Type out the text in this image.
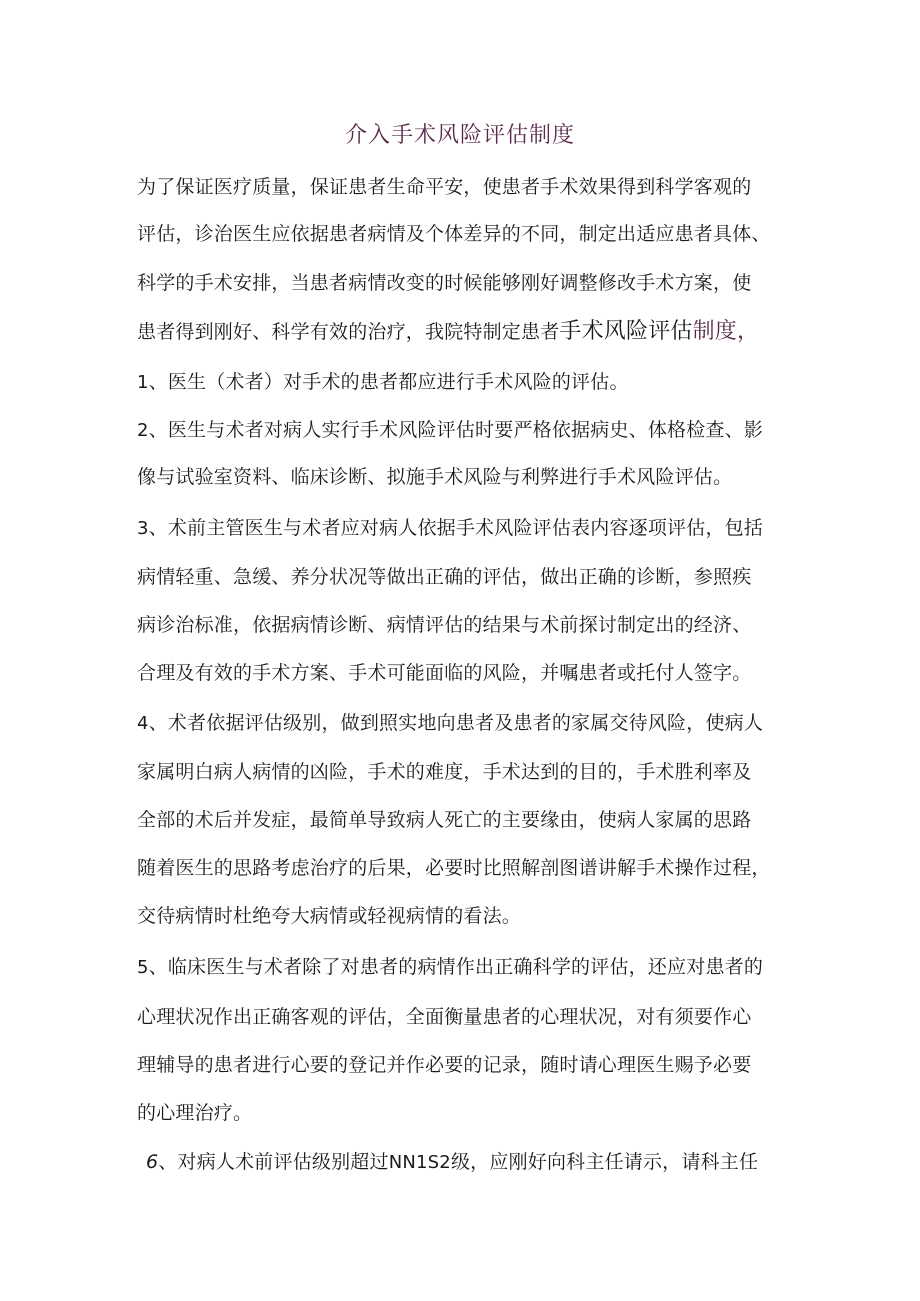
介入手术风险评估制度
为了保证医疗质量，保证患者生命平安，使患者手术效果得到科学客观的
评估，诊治医生应依据患者病情及个体差异的不同，制定出适应患者具体、
科学的手术安排，当患者病情改变的时候能够刚好调整修改手术方案，使
患者得到刚好、科学有效的治疗，我院特制定患者手术风险评估制度，
1、医生（术者）对手术的患者都应进行手术风险的评估。
2、医生与术者对病人实行手术风险评估时要严格依据病史、体格检查、影
像与试验室资料、临床诊断、拟施手术风险与利弊进行手术风险评估。
3、术前主管医生与术者应对病人依据手术风险评估表内容逐项评估，包括
病情轻重、急缓、养分状况等做出正确的评估，做出正确的诊断，参照疾
病诊治标准，依据病情诊断、病情评估的结果与术前探讨制定出的经济、
合理及有效的手术方案、手术可能面临的风险，并嘱患者或托付人签字。
4、术者依据评估级别，做到照实地向患者及患者的家属交待风险，使病人
家属明白病人病情的凶险，手术的难度，手术达到的目的，手术胜利率及
全部的术后并发症，最简单导致病人死亡的主要缘由，使病人家属的思路
随着医生的思路考虑治疗的后果，必要时比照解剖图谱讲解手术操作过程，
交待病情时杜绝夸大病情或轻视病情的看法。
5、临床医生与术者除了对患者的病情作出正确科学的评估，还应对患者的
心理状况作出正确客观的评估，全面衡量患者的心理状况，对有须要作心
理辅导的患者进行心要的登记并作必要的记录，随时请心理医生赐予必要
的心理治疗。
6、对病人术前评估级别超过NN1S2级，应刚好向科主任请示，请科主任
